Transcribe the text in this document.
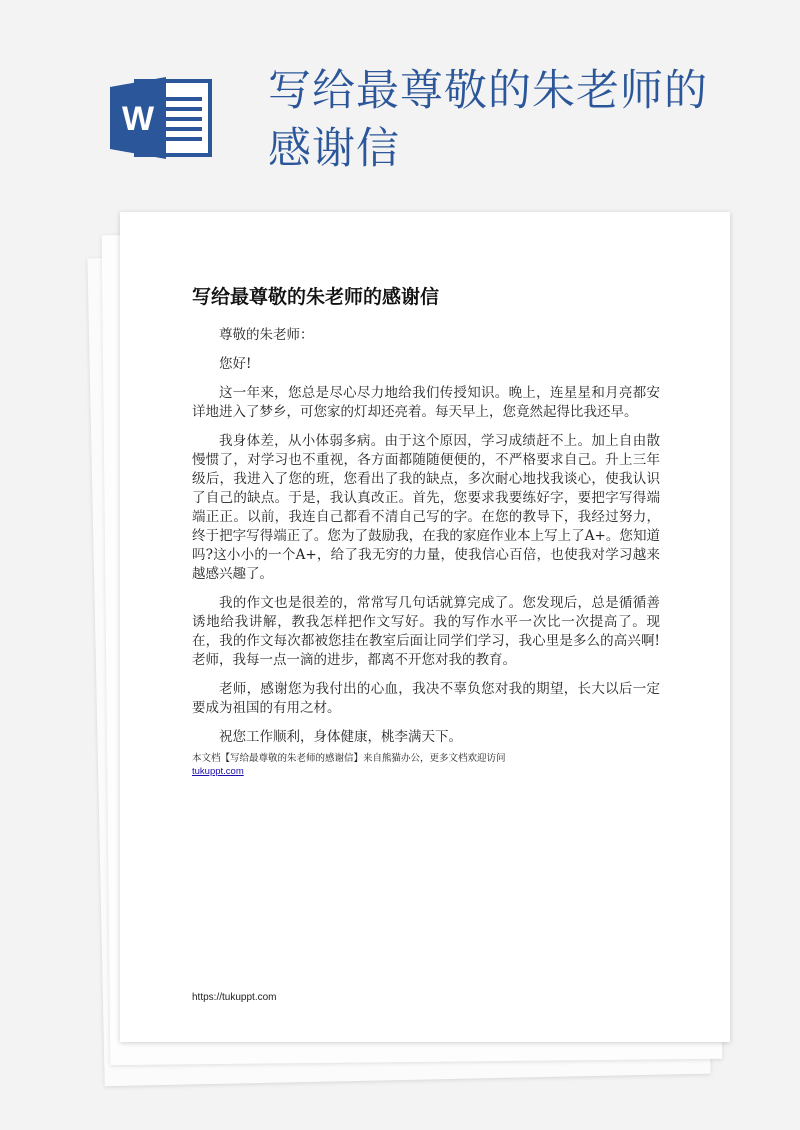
W
写给最尊敬的朱老师的感谢信
写给最尊敬的朱老师的感谢信

尊敬的朱老师：

您好!

这一年来，您总是尽心尽力地给我们传授知识。晚上，连星星和月亮都安详地进入了梦乡，可您家的灯却还亮着。每天早上，您竟然起得比我还早。

我身体差，从小体弱多病。由于这个原因，学习成绩赶不上。加上自由散慢惯了，对学习也不重视，各方面都随随便便的，不严格要求自己。升上三年级后，我进入了您的班，您看出了我的缺点，多次耐心地找我谈心，使我认识了自己的缺点。于是，我认真改正。首先，您要求我要练好字，要把字写得端端正正。以前，我连自己都看不清自己写的字。在您的教导下，我经过努力，终于把字写得端正了。您为了鼓励我，在我的家庭作业本上写上了A+。您知道吗?这小小的一个A+，给了我无穷的力量，使我信心百倍，也使我对学习越来越感兴趣了。

我的作文也是很差的，常常写几句话就算完成了。您发现后，总是循循善诱地给我讲解，教我怎样把作文写好。我的写作水平一次比一次提高了。现在，我的作文每次都被您挂在教室后面让同学们学习，我心里是多么的高兴啊!老师，我每一点一滴的进步，都离不开您对我的教育。

老师，感谢您为我付出的心血，我决不辜负您对我的期望，长大以后一定要成为祖国的有用之材。

祝您工作顺利，身体健康，桃李满天下。

本文档【写给最尊敬的朱老师的感谢信】来自熊猫办公，更多文档欢迎访问
tukuppt.com
https://tukuppt.com
